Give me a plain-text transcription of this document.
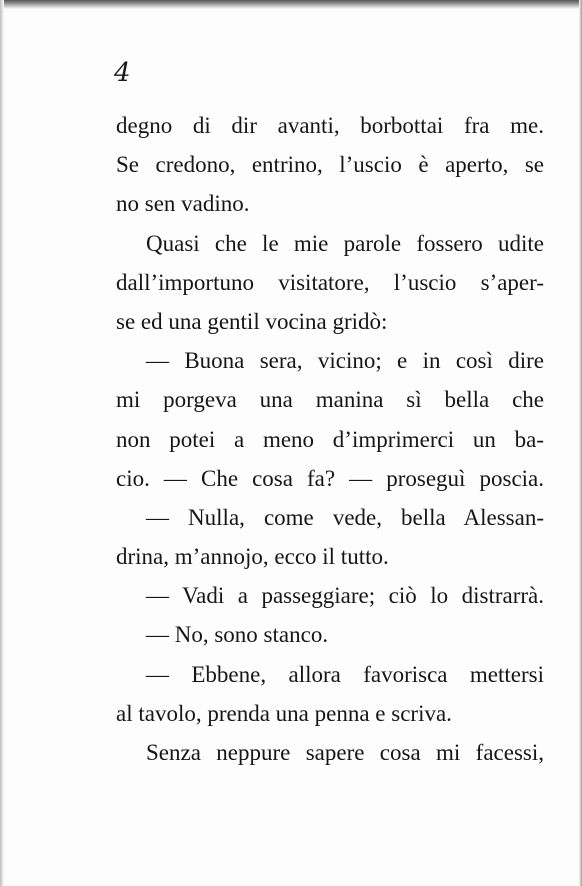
4
degno di dir avanti, borbottai fra me.
Se credono, entrino, l’uscio è aperto, se
no sen vadino.
Quasi che le mie parole fossero udite
dall’importuno visitatore, l’uscio s’aper-
se ed una gentil vocina gridò:
— Buona sera, vicino; e in così dire
mi porgeva una manina sì bella che
non potei a meno d’imprimerci un ba-
cio. — Che cosa fa? — proseguì poscia.
— Nulla, come vede, bella Alessan-
drina, m’annojo, ecco il tutto.
— Vadi a passeggiare; ciò lo distrarrà.
— No, sono stanco.
— Ebbene, allora favorisca mettersi
al tavolo, prenda una penna e scriva.
Senza neppure sapere cosa mi facessi,
